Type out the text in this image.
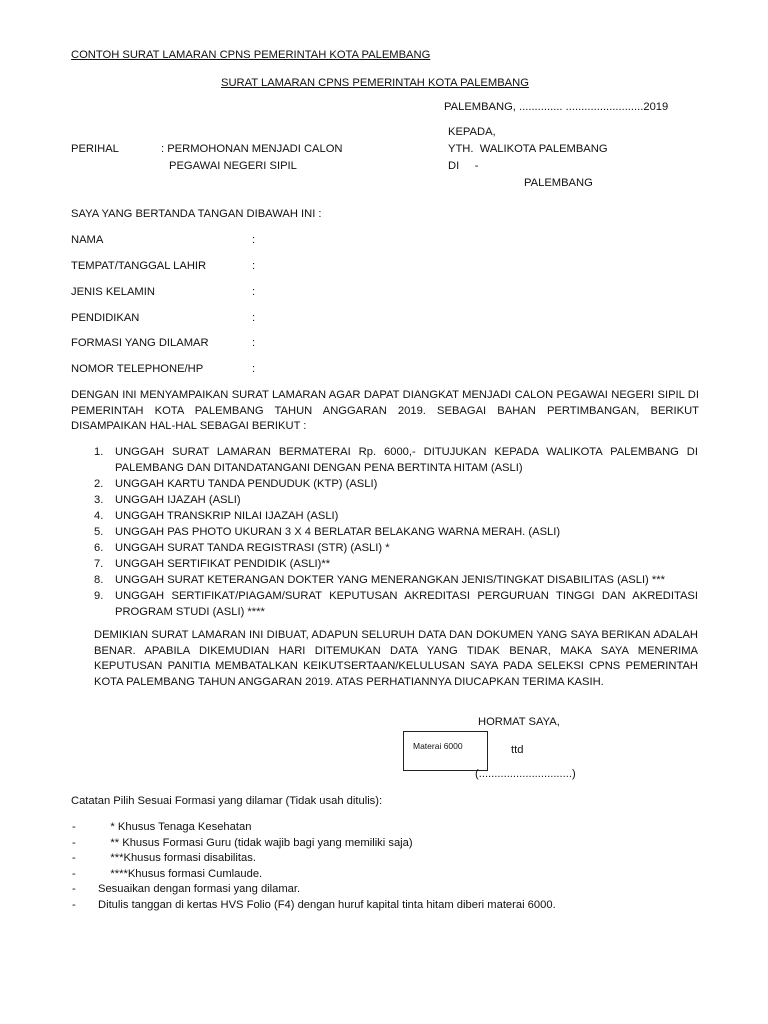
CONTOH SURAT LAMARAN CPNS PEMERINTAH KOTA PALEMBANG
SURAT LAMARAN CPNS PEMERINTAH KOTA PALEMBANG
PALEMBANG, .............. .........................2019
KEPADA,
YTH.  WALIKOTA PALEMBANG
DI     -
PALEMBANG
PERIHAL	: PERMOHONAN MENJADI CALON
PEGAWAI NEGERI SIPIL
SAYA YANG BERTANDA TANGAN DIBAWAH INI :
NAMA	:
TEMPAT/TANGGAL LAHIR	:
JENIS KELAMIN	:
PENDIDIKAN	:
FORMASI YANG DILAMAR	:
NOMOR TELEPHONE/HP	:
DENGAN INI MENYAMPAIKAN SURAT LAMARAN AGAR DAPAT DIANGKAT MENJADI CALON PEGAWAI NEGERI SIPIL DI PEMERINTAH KOTA PALEMBANG TAHUN ANGGARAN 2019. SEBAGAI BAHAN PERTIMBANGAN, BERIKUT DISAMPAIKAN HAL-HAL SEBAGAI BERIKUT :
1. UNGGAH SURAT LAMARAN BERMATERAI Rp. 6000,- DITUJUKAN KEPADA WALIKOTA PALEMBANG DI PALEMBANG DAN DITANDATANGANI DENGAN PENA BERTINTA HITAM (ASLI)
2. UNGGAH KARTU TANDA PENDUDUK (KTP) (ASLI)
3. UNGGAH IJAZAH (ASLI)
4. UNGGAH TRANSKRIP NILAI IJAZAH (ASLI)
5. UNGGAH PAS PHOTO UKURAN 3 X 4 BERLATAR BELAKANG WARNA MERAH. (ASLI)
6. UNGGAH SURAT TANDA REGISTRASI (STR) (ASLI) *
7. UNGGAH SERTIFIKAT PENDIDIK (ASLI)**
8. UNGGAH SURAT KETERANGAN DOKTER YANG MENERANGKAN JENIS/TINGKAT DISABILITAS (ASLI) ***
9. UNGGAH SERTIFIKAT/PIAGAM/SURAT KEPUTUSAN AKREDITASI PERGURUAN TINGGI DAN AKREDITASI PROGRAM STUDI (ASLI) ****
DEMIKIAN SURAT LAMARAN INI DIBUAT, ADAPUN SELURUH DATA DAN DOKUMEN YANG SAYA BERIKAN ADALAH BENAR. APABILA DIKEMUDIAN HARI DITEMUKAN DATA YANG TIDAK BENAR, MAKA SAYA MENERIMA KEPUTUSAN PANITIA MEMBATALKAN KEIKUTSERTAAN/KELULUSAN SAYA PADA SELEKSI CPNS PEMERINTAH KOTA PALEMBANG TAHUN ANGGARAN 2019. ATAS PERHATIANNYA DIUCAPKAN TERIMA KASIH.
HORMAT SAYA,
Materai 6000	ttd
(..............................)
Catatan Pilih Sesuai Formasi yang dilamar (Tidak usah ditulis):
- * Khusus Tenaga Kesehatan
- ** Khusus Formasi Guru (tidak wajib bagi yang memiliki saja)
- ***Khusus formasi disabilitas.
- ****Khusus formasi Cumlaude.
- Sesuaikan dengan formasi yang dilamar.
- Ditulis tanggan di kertas HVS Folio (F4) dengan huruf kapital tinta hitam diberi materai 6000.
